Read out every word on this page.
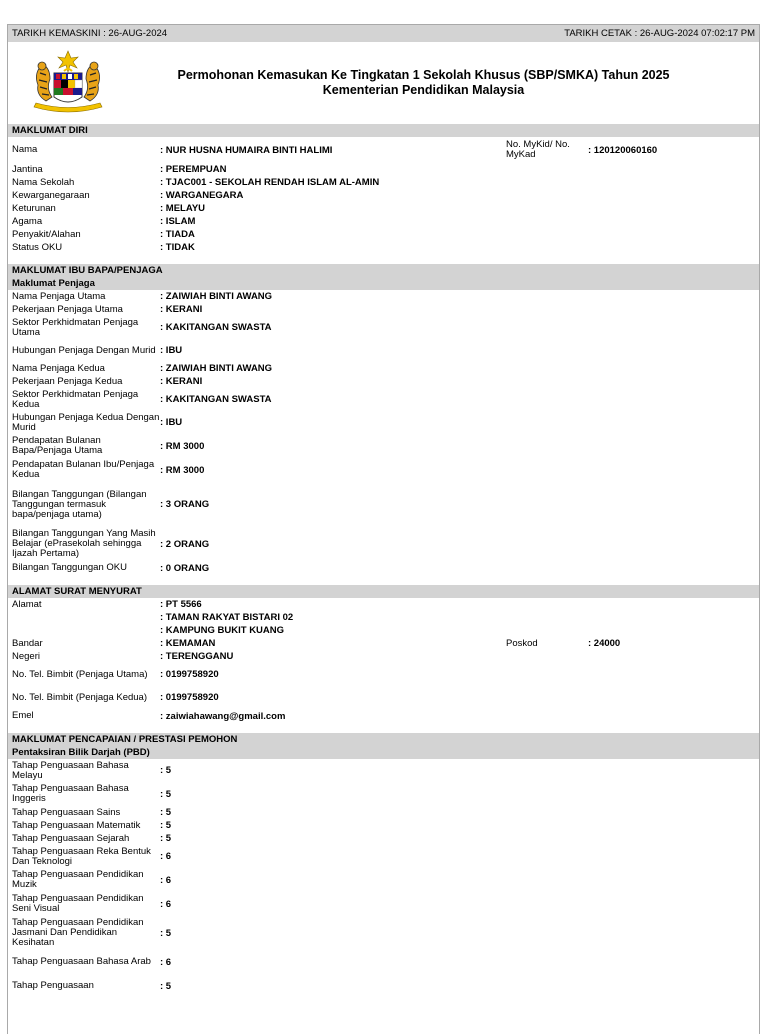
TARIKH KEMASKINI : 26-AUG-2024	TARIKH CETAK : 26-AUG-2024 07:02:17 PM
Permohonan Kemasukan Ke Tingkatan 1 Sekolah Khusus (SBP/SMKA) Tahun 2025
Kementerian Pendidikan Malaysia
MAKLUMAT DIRI
Nama	: NUR HUSNA HUMAIRA BINTI HALIMI	No. MyKid/ No. MyKad	: 120120060160
Jantina	: PEREMPUAN
Nama Sekolah	: TJAC001 - SEKOLAH RENDAH ISLAM AL-AMIN
Kewarganegaraan	: WARGANEGARA
Keturunan	: MELAYU
Agama	: ISLAM
Penyakit/Alahan	: TIADA
Status OKU	: TIDAK
MAKLUMAT IBU BAPA/PENJAGA
Maklumat Penjaga
Nama Penjaga Utama	: ZAIWIAH BINTI AWANG
Pekerjaan Penjaga Utama	: KERANI
Sektor Perkhidmatan Penjaga Utama	: KAKITANGAN SWASTA
Hubungan Penjaga Dengan Murid : IBU
Nama Penjaga Kedua	: ZAIWIAH BINTI AWANG
Pekerjaan Penjaga Kedua	: KERANI
Sektor Perkhidmatan Penjaga Kedua	: KAKITANGAN SWASTA
Hubungan Penjaga Kedua Dengan Murid	: IBU
Pendapatan Bulanan Bapa/Penjaga Utama	: RM 3000
Pendapatan Bulanan Ibu/Penjaga Kedua	: RM 3000
Bilangan Tanggungan (Bilangan Tanggungan termasuk bapa/penjaga utama)
: 3 ORANG
Bilangan Tanggungan Yang Masih Belajar (ePrasekolah sehingga Ijazah Pertama)
: 2 ORANG
Bilangan Tanggungan OKU	: 0 ORANG
ALAMAT SURAT MENYURAT
Alamat	: PT 5566
: TAMAN RAKYAT BISTARI 02
: KAMPUNG BUKIT KUANG
Bandar	: KEMAMAN	Poskod	: 24000
Negeri	: TERENGGANU
No. Tel. Bimbit (Penjaga Utama)	: 0199758920
No. Tel. Bimbit (Penjaga Kedua)	: 0199758920
Emel	: zaiwiahawang@gmail.com
MAKLUMAT PENCAPAIAN / PRESTASI PEMOHON
Pentaksiran Bilik Darjah (PBD)
Tahap Penguasaan Bahasa Melayu	: 5
Tahap Penguasaan Bahasa Inggeris	: 5
Tahap Penguasaan Sains	: 5
Tahap Penguasaan Matematik	: 5
Tahap Penguasaan Sejarah	: 5
Tahap Penguasaan Reka Bentuk Dan Teknologi	: 6
Tahap Penguasaan Pendidikan Muzik	: 6
Tahap Penguasaan Pendidikan Seni Visual	: 6
Tahap Penguasaan Pendidikan Jasmani Dan Pendidikan Kesihatan
: 5
Tahap Penguasaan Bahasa Arab : 6
Tahap Penguasaan	: 5
